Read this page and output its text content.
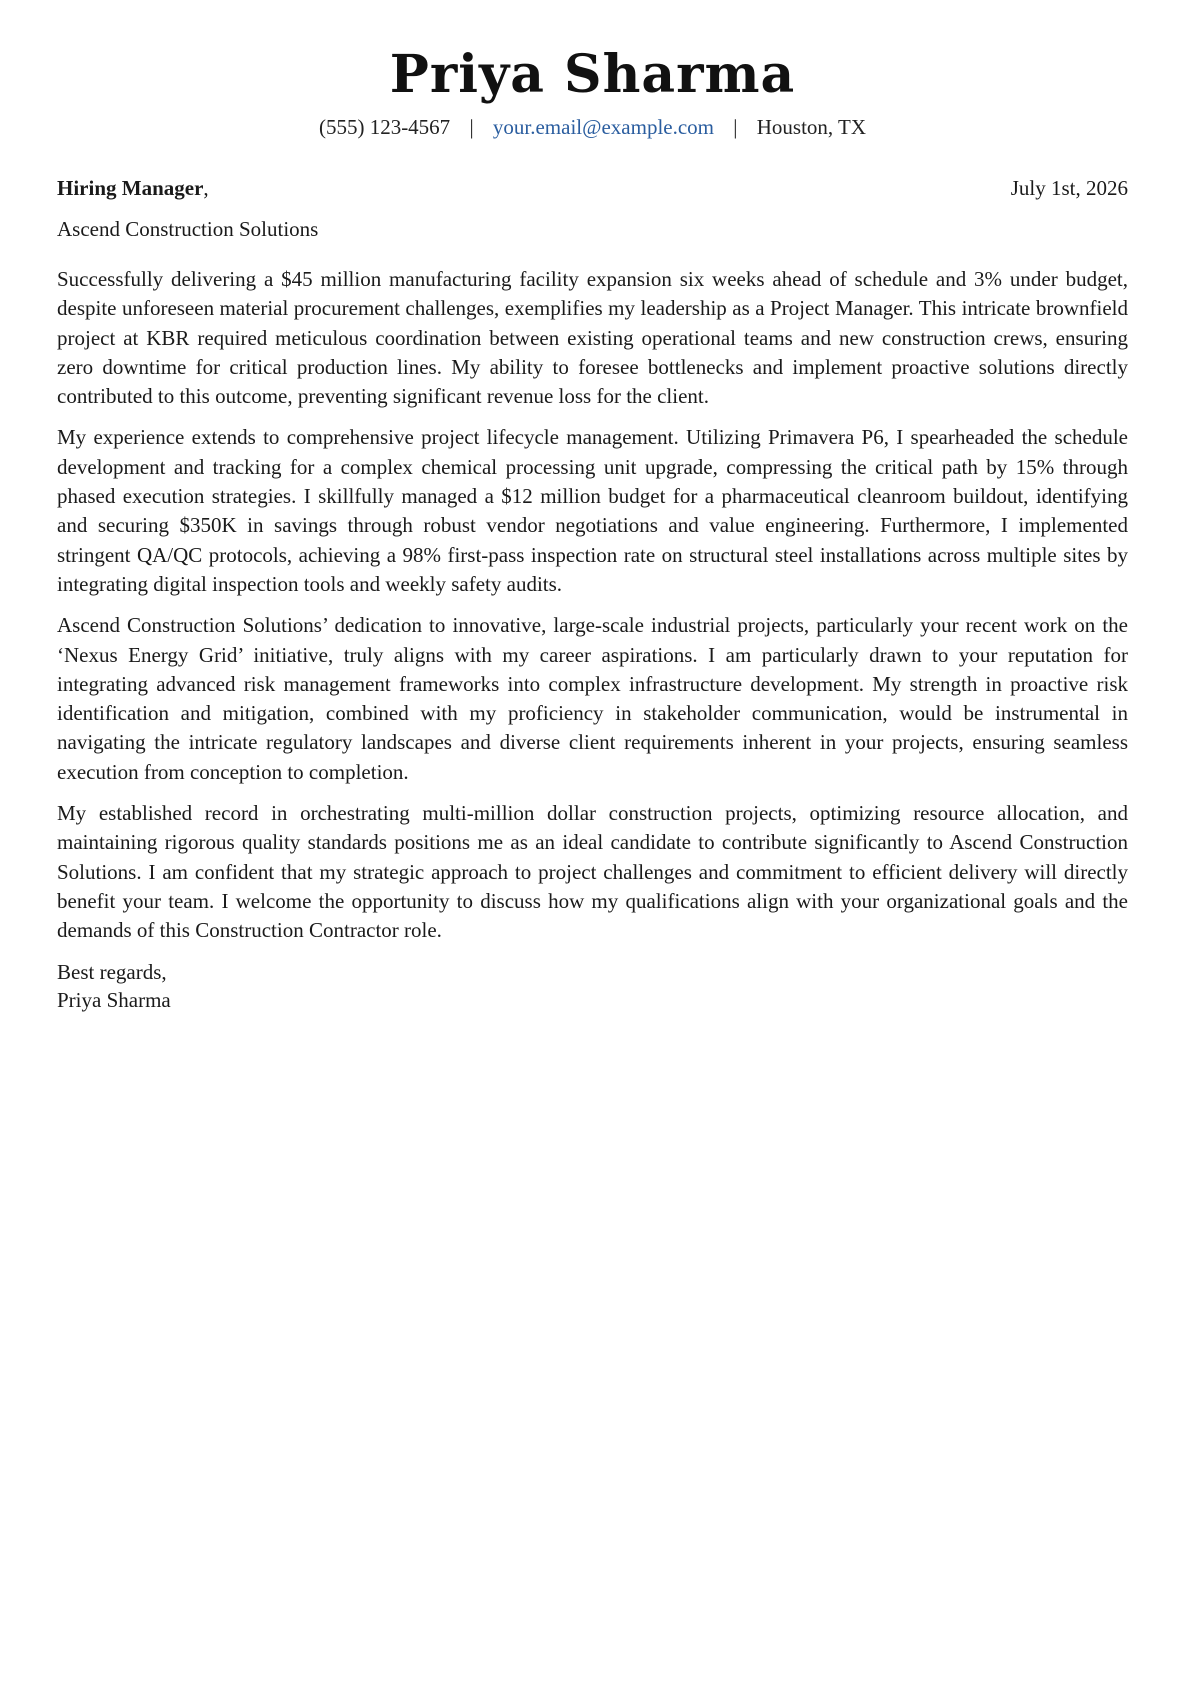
Priya Sharma
(555) 123-4567 | your.email@example.com | Houston, TX
Hiring Manager,	July 1st, 2026
Ascend Construction Solutions

Successfully delivering a $45 million manufacturing facility expansion six weeks ahead of schedule and 3% under budget, despite unforeseen material procurement challenges, exemplifies my leadership as a Project Manager. This intricate brownfield project at KBR required meticulous coordination between existing operational teams and new construction crews, ensuring zero downtime for critical production lines. My ability to foresee bottlenecks and implement proactive solutions directly contributed to this outcome, preventing significant revenue loss for the client.

My experience extends to comprehensive project lifecycle management. Utilizing Primavera P6, I spearheaded the schedule development and tracking for a complex chemical processing unit upgrade, compressing the critical path by 15% through phased execution strategies. I skillfully managed a $12 million budget for a pharmaceutical cleanroom buildout, identifying and securing $350K in savings through robust vendor negotiations and value engineering. Furthermore, I implemented stringent QA/QC protocols, achieving a 98% first-pass inspection rate on structural steel installations across multiple sites by integrating digital inspection tools and weekly safety audits.

Ascend Construction Solutions’ dedication to innovative, large-scale industrial projects, particularly your recent work on the ‘Nexus Energy Grid’ initiative, truly aligns with my career aspirations. I am particularly drawn to your reputation for integrating advanced risk management frameworks into complex infrastructure development. My strength in proactive risk identification and mitigation, combined with my proficiency in stakeholder communication, would be instrumental in navigating the intricate regulatory landscapes and diverse client requirements inherent in your projects, ensuring seamless execution from conception to completion.

My established record in orchestrating multi-million dollar construction projects, optimizing resource allocation, and maintaining rigorous quality standards positions me as an ideal candidate to contribute significantly to Ascend Construction Solutions. I am confident that my strategic approach to project challenges and commitment to efficient delivery will directly benefit your team. I welcome the opportunity to discuss how my qualifications align with your organizational goals and the demands of this Construction Contractor role.

Best regards,
Priya Sharma
